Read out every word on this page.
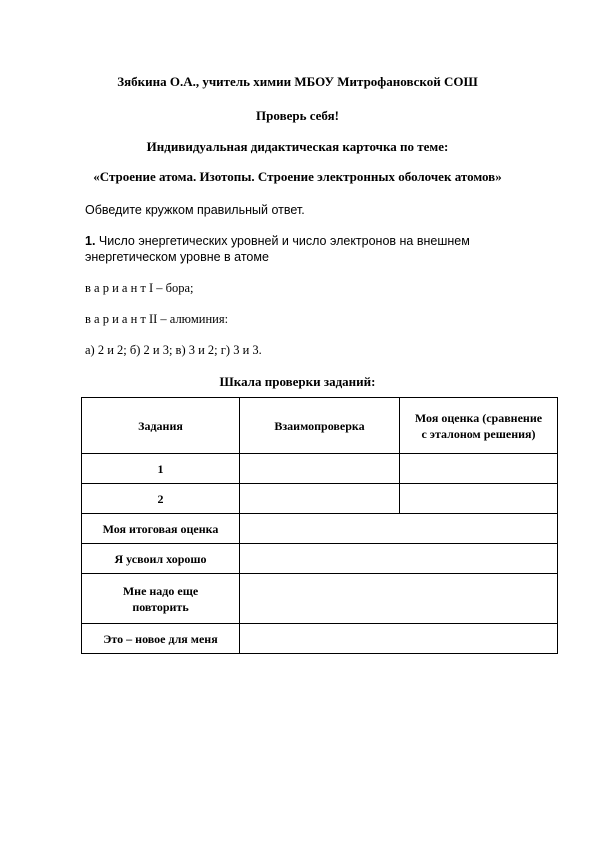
Зябкина О.А., учитель химии МБОУ Митрофановской СОШ
Проверь себя!
Индивидуальная дидактическая карточка по теме:
«Строение атома. Изотопы. Строение электронных оболочек атомов»
Обведите кружком правильный ответ.
1. Число энергетических уровней и число электронов на внешнем
энергетическом уровне в атоме
в а р и а н т I – бора;
в а р и а н т II – алюминия:
а) 2 и 2; б) 2 и 3; в) 3 и 2; г) 3 и 3.
Шкала проверки заданий:
Задания	Взаимопроверка	Моя оценка (сравнение
с эталоном решения)
1		
2		
Моя итоговая оценка		
Я усвоил хорошо		
Мне надо еще
повторить		
Это – новое для меня		
